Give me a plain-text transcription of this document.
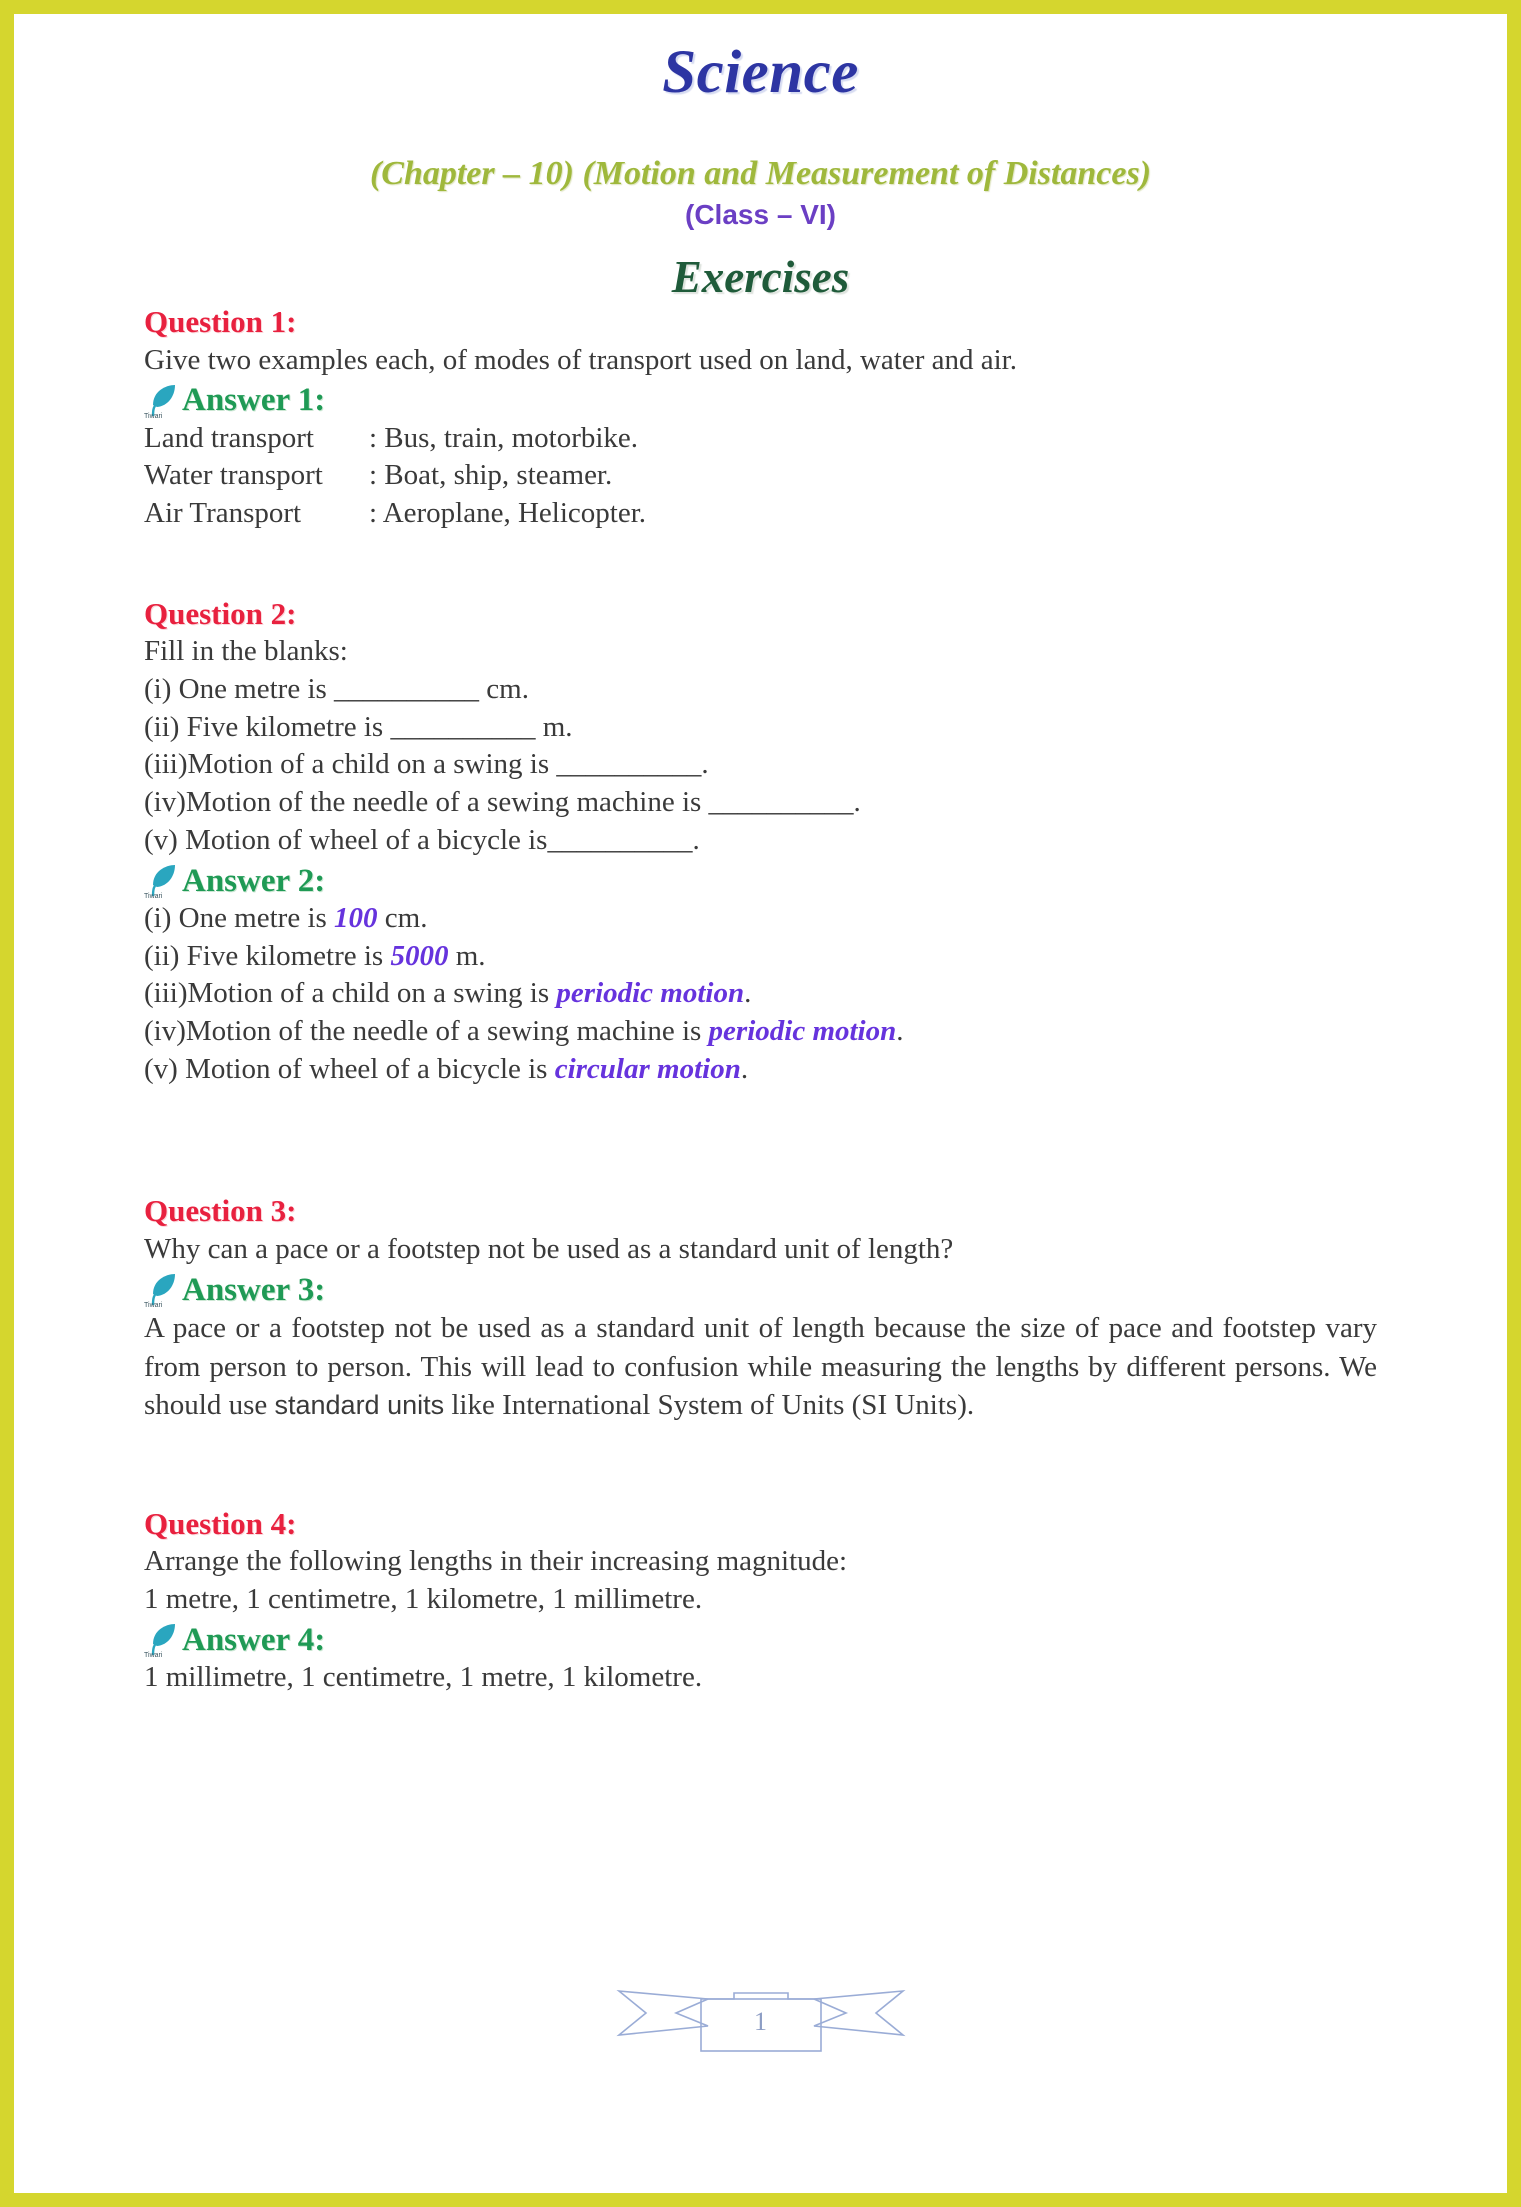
Science
(Chapter – 10) (Motion and Measurement of Distances)
(Class – VI)
Exercises
Question 1:
Give two examples each, of modes of transport used on land, water and air.
Tiwari Answer 1:
Land transport	: Bus, train, motorbike.
Water transport	: Boat, ship, steamer.
Air Transport	: Aeroplane, Helicopter.
Question 2:
Fill in the blanks:
(i) One metre is __________ cm.
(ii) Five kilometre is __________ m.
(iii)Motion of a child on a swing is __________.
(iv)Motion of the needle of a sewing machine is __________.
(v) Motion of wheel of a bicycle is__________.
Tiwari Answer 2:
(i) One metre is 100 cm.
(ii) Five kilometre is 5000 m.
(iii)Motion of a child on a swing is periodic motion.
(iv)Motion of the needle of a sewing machine is periodic motion.
(v) Motion of wheel of a bicycle is circular motion.
Question 3:
Why can a pace or a footstep not be used as a standard unit of length?
Tiwari Answer 3:
A pace or a footstep not be used as a standard unit of length because the size of pace and footstep vary from person to person. This will lead to confusion while measuring the lengths by different persons. We should use standard units like International System of Units (SI Units).
Question 4:
Arrange the following lengths in their increasing magnitude:
1 metre, 1 centimetre, 1 kilometre, 1 millimetre.
Tiwari Answer 4:
1 millimetre, 1 centimetre, 1 metre, 1 kilometre.
1
